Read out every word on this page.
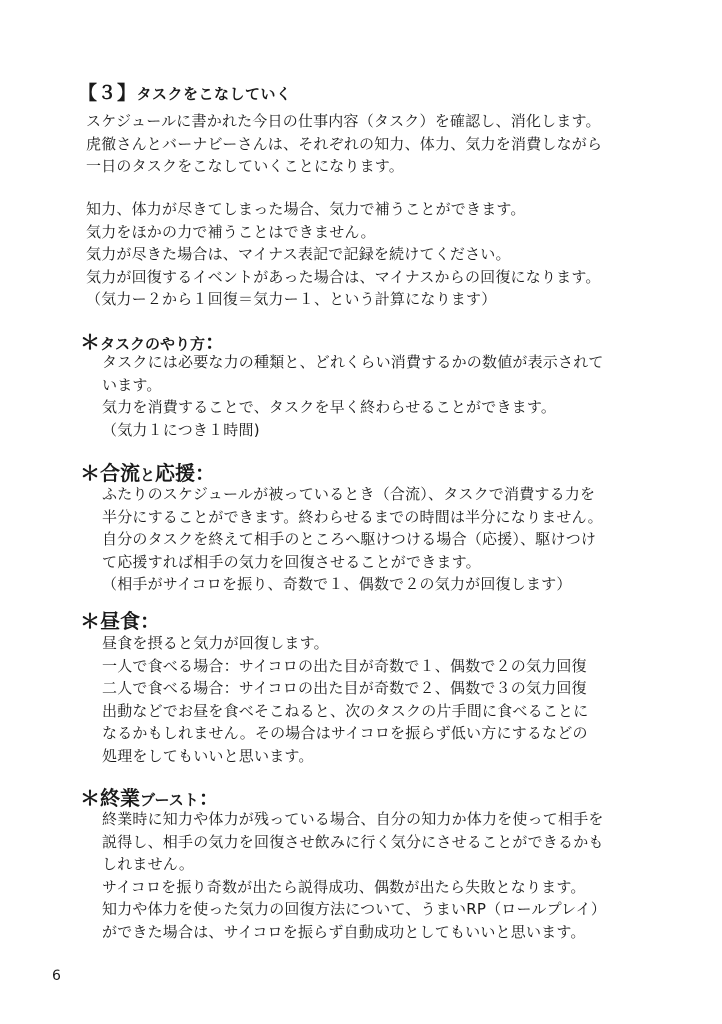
【３】タスクをこなしていく

スケジュールに書かれた今日の仕事内容（タスク）を確認し、消化します。

虎徹さんとバーナビーさんは、それぞれの知力、体力、気力を消費しながら

一日のタスクをこなしていくことになります。

知力、体力が尽きてしまった場合、気力で補うことができます。

気力をほかの力で補うことはできません。

気力が尽きた場合は、マイナス表記で記録を続けてください。

気力が回復するイベントがあった場合は、マイナスからの回復になります。

（気力ー２から１回復＝気力ー１、という計算になります）

＊タスクのやり方：

タスクには必要な力の種類と、どれくらい消費するかの数値が表示されて

います。

気力を消費することで、タスクを早く終わらせることができます。

（気力１につき１時間)

＊合流と応援：

ふたりのスケジュールが被っているとき（合流）、タスクで消費する力を

半分にすることができます。終わらせるまでの時間は半分になりません。

自分のタスクを終えて相手のところへ駆けつける場合（応援）、駆けつけ

て応援すれば相手の気力を回復させることができます。

（相手がサイコロを振り、奇数で１、偶数で２の気力が回復します）

＊昼食：

昼食を摂ると気力が回復します。

一人で食べる場合：サイコロの出た目が奇数で１、偶数で２の気力回復

二人で食べる場合：サイコロの出た目が奇数で２、偶数で３の気力回復

出動などでお昼を食べそこねると、次のタスクの片手間に食べることに

なるかもしれません。その場合はサイコロを振らず低い方にするなどの

処理をしてもいいと思います。

＊終業ブースト：

終業時に知力や体力が残っている場合、自分の知力か体力を使って相手を

説得し、相手の気力を回復させ飲みに行く気分にさせることができるかも

しれません。

サイコロを振り奇数が出たら説得成功、偶数が出たら失敗となります。

知力や体力を使った気力の回復方法について、うまいRP（ロールプレイ）

ができた場合は、サイコロを振らず自動成功としてもいいと思います。

6
